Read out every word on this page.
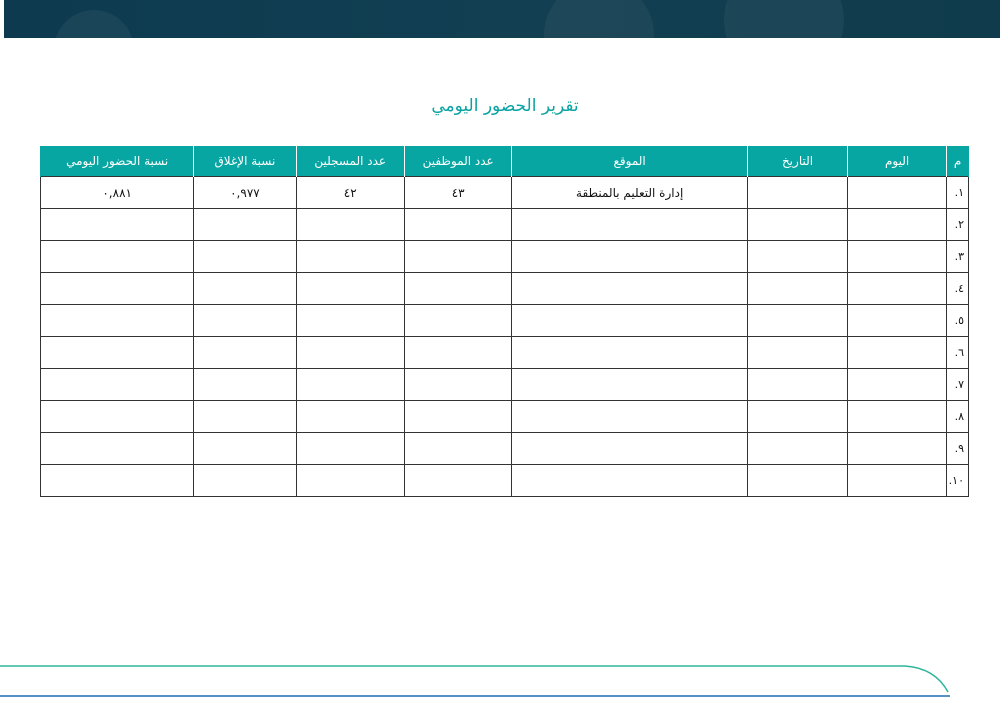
تقرير الحضور اليومي
م	اليوم	التاريخ	الموقع	عدد الموظفين	عدد المسجلين	نسبة الإغلاق	نسبة الحضور اليومي
١.			إدارة التعليم بالمنطقة	٤٣	٤٢	٠,٩٧٧	٠,٨٨١
٢.							
٣.							
٤.							
٥.							
٦.							
٧.							
٨.							
٩.							
١٠.							
